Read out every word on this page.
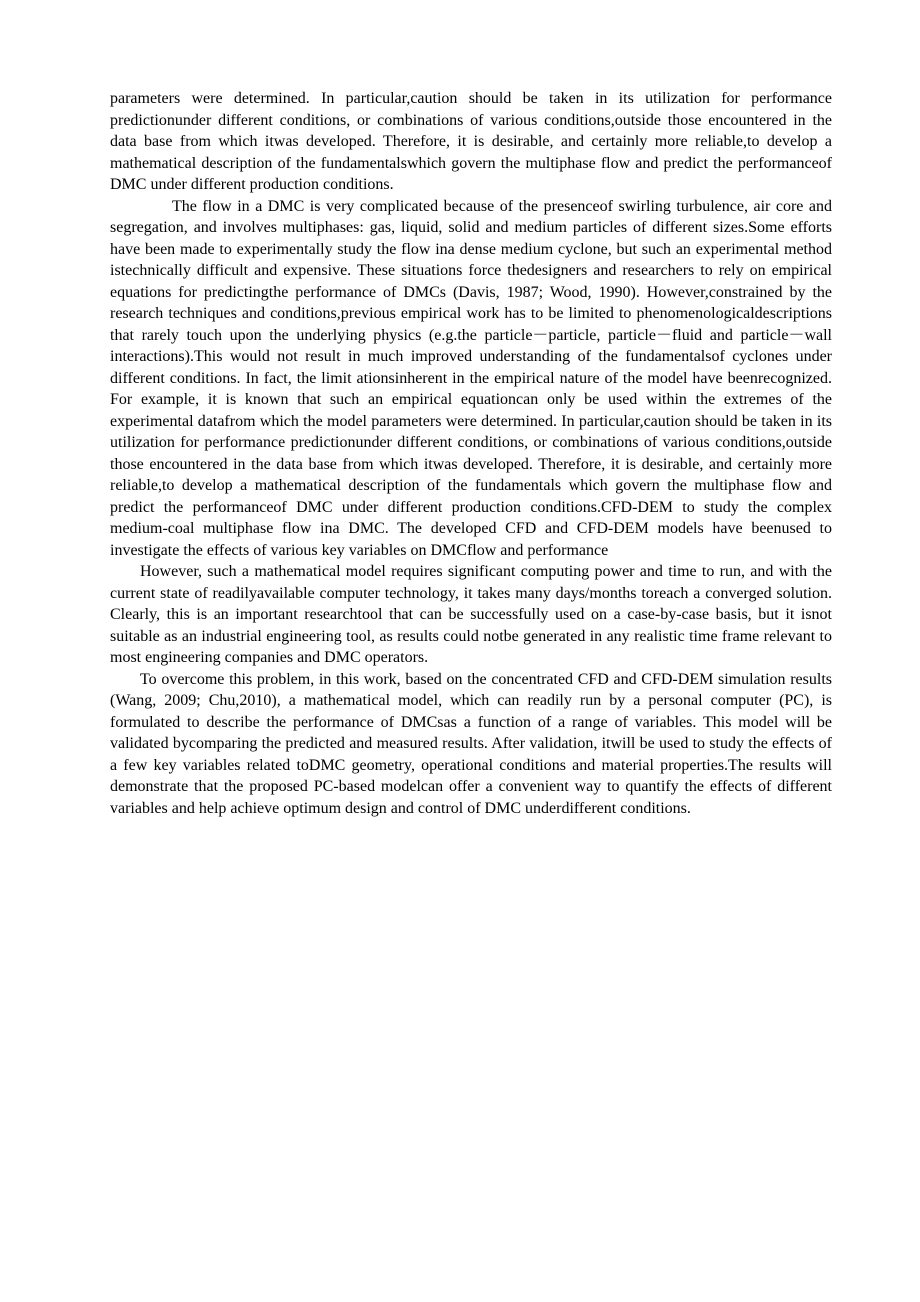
parameters were determined. In particular,caution should be taken in its utilization for performance predictionunder different conditions, or combinations of various conditions,outside those encountered in the data base from which itwas developed. Therefore, it is desirable, and certainly more reliable,to develop a mathematical description of the fundamentalswhich govern the multiphase flow and predict the performanceof DMC under different production conditions.

The flow in a DMC is very complicated because of the presenceof swirling turbulence, air core and segregation, and involves multiphases: gas, liquid, solid and medium particles of different sizes.Some efforts have been made to experimentally study the flow ina dense medium cyclone, but such an experimental method istechnically difficult and expensive. These situations force thedesigners and researchers to rely on empirical equations for predictingthe performance of DMCs (Davis, 1987; Wood, 1990). However,constrained by the research techniques and conditions,previous empirical work has to be limited to phenomenologicaldescriptions that rarely touch upon the underlying physics (e.g.the particle－particle, particle－fluid and particle－wall interactions).This would not result in much improved understanding of the fundamentalsof cyclones under different conditions. In fact, the limit ationsinherent in the empirical nature of the model have beenrecognized. For example, it is known that such an empirical equationcan only be used within the extremes of the experimental datafrom which the model parameters were determined. In particular,caution should be taken in its utilization for performance predictionunder different conditions, or combinations of various conditions,outside those encountered in the data base from which itwas developed. Therefore, it is desirable, and certainly more reliable,to develop a mathematical description of the fundamentals which govern the multiphase flow and predict the performanceof DMC under different production conditions.CFD-DEM to study the complex medium-coal multiphase flow ina DMC. The developed CFD and CFD-DEM models have beenused to investigate the effects of various key variables on DMCflow and performance

However, such a mathematical model requires significant computing power and time to run, and with the current state of readilyavailable computer technology, it takes many days/months toreach a converged solution. Clearly, this is an important researchtool that can be successfully used on a case-by-case basis, but it isnot suitable as an industrial engineering tool, as results could notbe generated in any realistic time frame relevant to most engineering companies and DMC operators.

To overcome this problem, in this work, based on the concentrated CFD and CFD-DEM simulation results (Wang, 2009; Chu,2010), a mathematical model, which can readily run by a personal computer (PC), is formulated to describe the performance of DMCsas a function of a range of variables. This model will be validated bycomparing the predicted and measured results. After validation, itwill be used to study the effects of a few key variables related toDMC geometry, operational conditions and material properties.The results will demonstrate that the proposed PC-based modelcan offer a convenient way to quantify the effects of different variables and help achieve optimum design and control of DMC underdifferent conditions.
